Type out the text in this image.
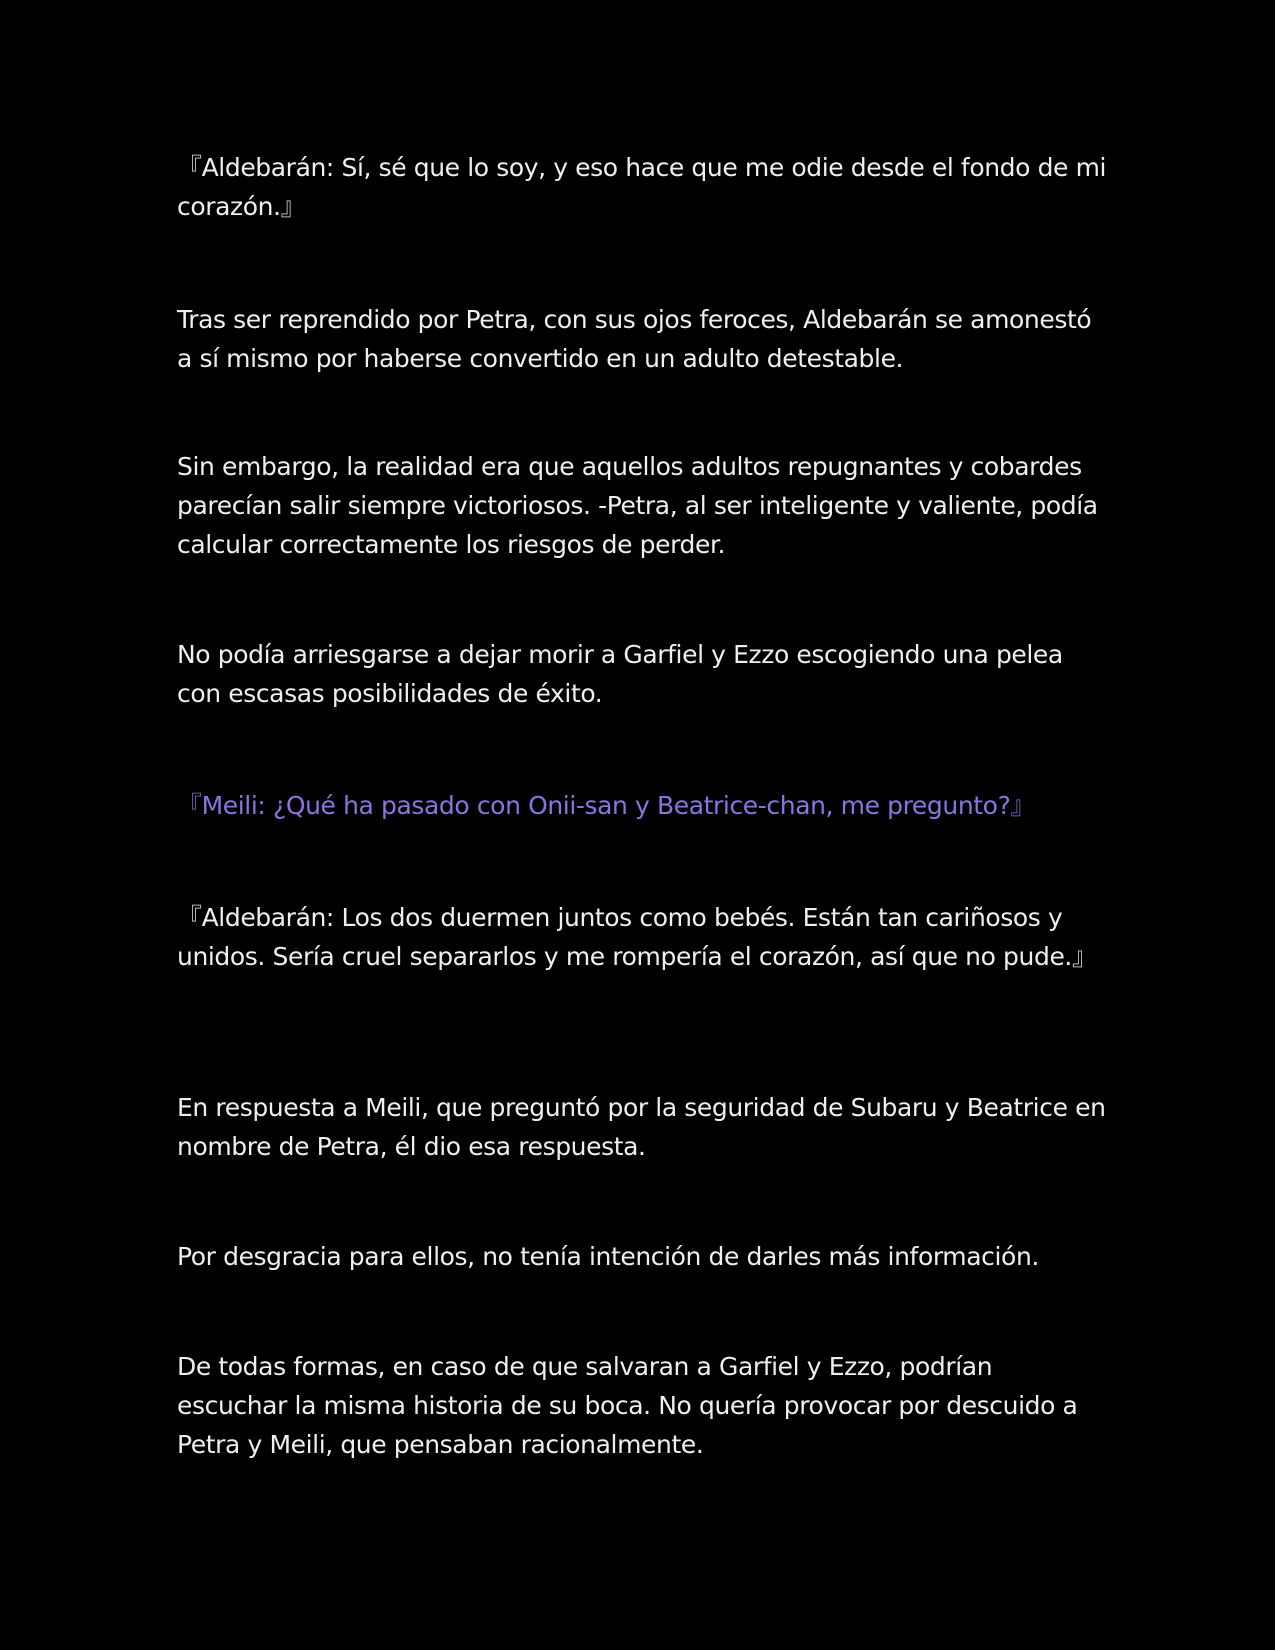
『Aldebarán: Sí, sé que lo soy, y eso hace que me odie desde el fondo de mi corazón.』

Tras ser reprendido por Petra, con sus ojos feroces, Aldebarán se amonestó a sí mismo por haberse convertido en un adulto detestable.

Sin embargo, la realidad era que aquellos adultos repugnantes y cobardes parecían salir siempre victoriosos. -Petra, al ser inteligente y valiente, podía calcular correctamente los riesgos de perder.

No podía arriesgarse a dejar morir a Garfiel y Ezzo escogiendo una pelea con escasas posibilidades de éxito.

『Meili: ¿Qué ha pasado con Onii-san y Beatrice-chan, me pregunto?』

『Aldebarán: Los dos duermen juntos como bebés. Están tan cariñosos y unidos. Sería cruel separarlos y me rompería el corazón, así que no pude.』

En respuesta a Meili, que preguntó por la seguridad de Subaru y Beatrice en nombre de Petra, él dio esa respuesta.

Por desgracia para ellos, no tenía intención de darles más información.

De todas formas, en caso de que salvaran a Garfiel y Ezzo, podrían escuchar la misma historia de su boca. No quería provocar por descuido a Petra y Meili, que pensaban racionalmente.
